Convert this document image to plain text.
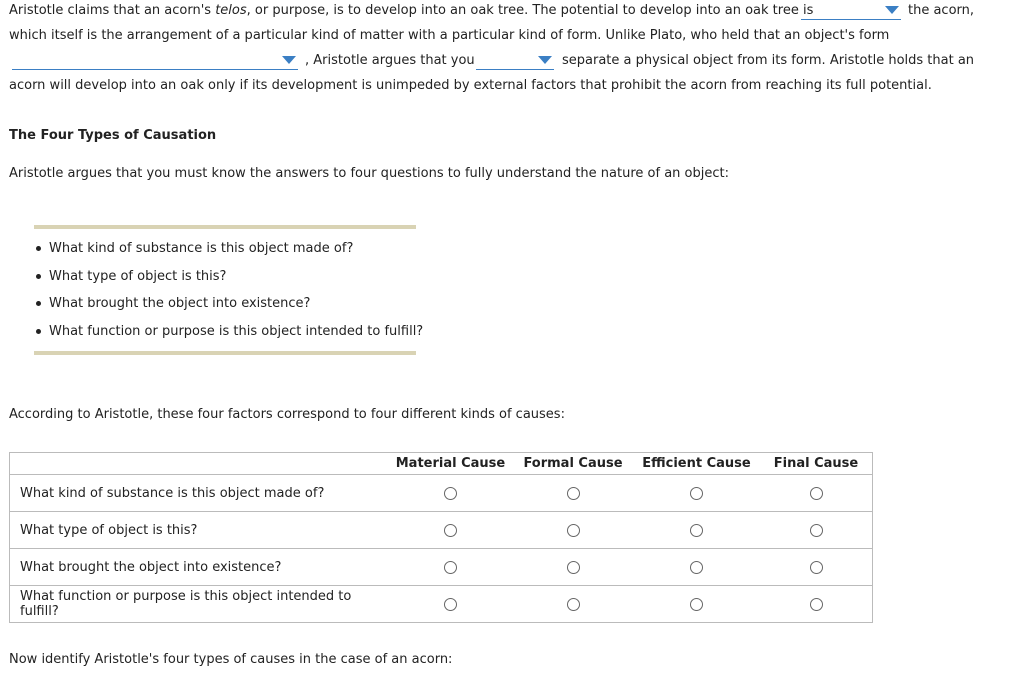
Aristotle claims that an acorn's telos, or purpose, is to develop into an oak tree. The potential to develop into an oak tree is	the acorn,
which itself is the arrangement of a particular kind of matter with a particular kind of form. Unlike Plato, who held that an object's form
, Aristotle argues that you	separate a physical object from its form. Aristotle holds that an
acorn will develop into an oak only if its development is unimpeded by external factors that prohibit the acorn from reaching its full potential.
The Four Types of Causation
Aristotle argues that you must know the answers to four questions to fully understand the nature of an object:
What kind of substance is this object made of?
What type of object is this?
What brought the object into existence?
What function or purpose is this object intended to fulfill?
According to Aristotle, these four factors correspond to four different kinds of causes:
	Material Cause	Formal Cause	Efficient Cause	Final Cause
What kind of substance is this object made of?				
What type of object is this?				
What brought the object into existence?				
What function or purpose is this object intended to fulfill?				
Now identify Aristotle's four types of causes in the case of an acorn:
